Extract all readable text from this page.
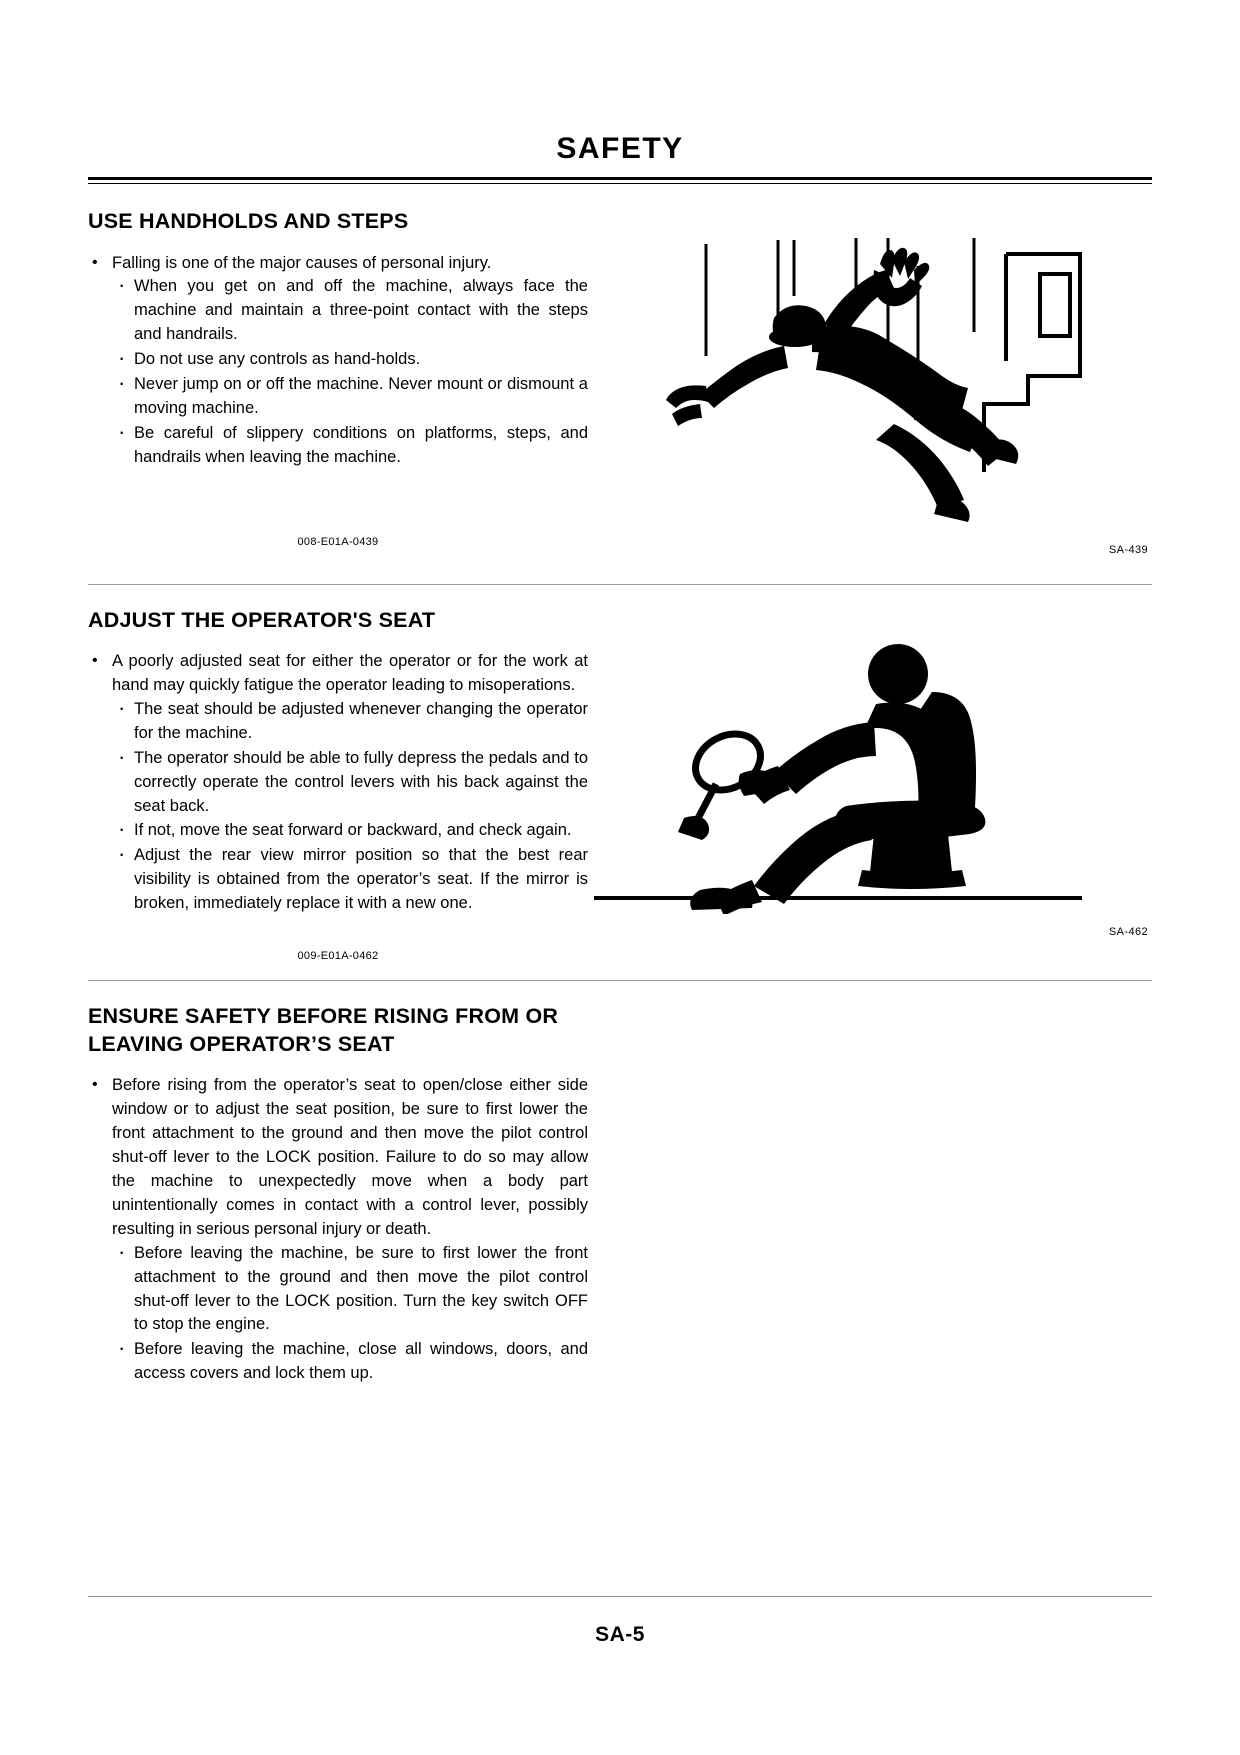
SAFETY
USE HANDHOLDS AND STEPS
• Falling is one of the major causes of personal injury.
· When you get on and off the machine, always face the machine and maintain a three-point contact with the steps and handrails.
· Do not use any controls as hand-holds.
· Never jump on or off the machine. Never mount or dismount a moving machine.
· Be careful of slippery conditions on platforms, steps, and handrails when leaving the machine.
008-E01A-0439
SA-439
ADJUST THE OPERATOR'S SEAT
• A poorly adjusted seat for either the operator or for the work at hand may quickly fatigue the operator leading to misoperations.
· The seat should be adjusted whenever changing the operator for the machine.
· The operator should be able to fully depress the pedals and to correctly operate the control levers with his back against the seat back.
· If not, move the seat forward or backward, and check again.
· Adjust the rear view mirror position so that the best rear visibility is obtained from the operator’s seat. If the mirror is broken, immediately replace it with a new one.
009-E01A-0462
SA-462
ENSURE SAFETY BEFORE RISING FROM OR LEAVING OPERATOR’S SEAT
• Before rising from the operator’s seat to open/close either side window or to adjust the seat position, be sure to first lower the front attachment to the ground and then move the pilot control shut-off lever to the LOCK position. Failure to do so may allow the machine to unexpectedly move when a body part unintentionally comes in contact with a control lever, possibly resulting in serious personal injury or death.
· Before leaving the machine, be sure to first lower the front attachment to the ground and then move the pilot control shut-off lever to the LOCK position. Turn the key switch OFF to stop the engine.
· Before leaving the machine, close all windows, doors, and access covers and lock them up.
SA-5
